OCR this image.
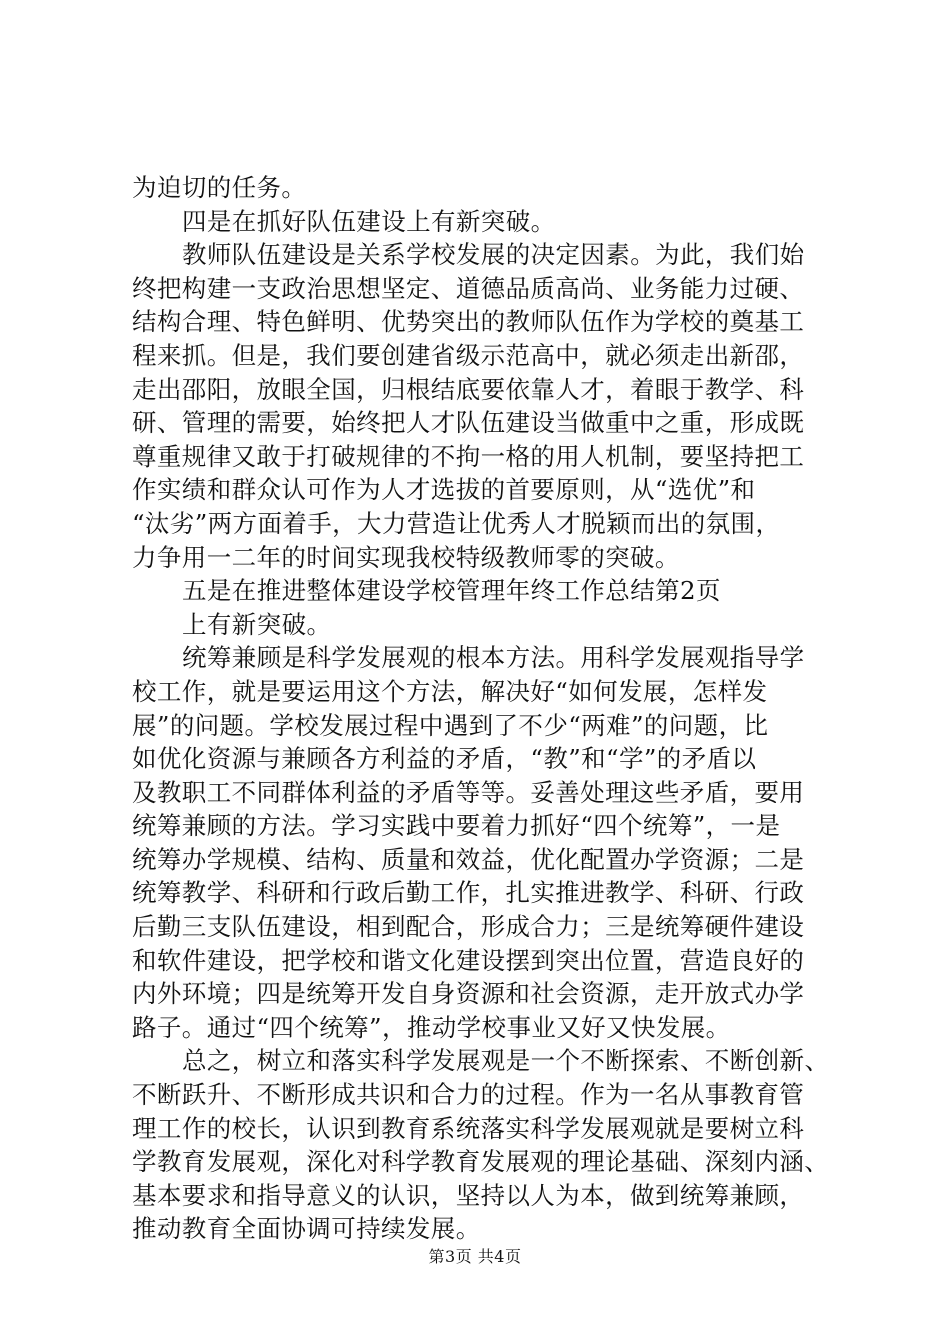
为迫切的任务。
四是在抓好队伍建设上有新突破。
教师队伍建设是关系学校发展的决定因素。为此，我们始
终把构建一支政治思想坚定、道德品质高尚、业务能力过硬、
结构合理、特色鲜明、优势突出的教师队伍作为学校的奠基工
程来抓。但是，我们要创建省级示范高中，就必须走出新邵，
走出邵阳，放眼全国，归根结底要依靠人才，着眼于教学、科
研、管理的需要，始终把人才队伍建设当做重中之重，形成既
尊重规律又敢于打破规律的不拘一格的用人机制，要坚持把工
作实绩和群众认可作为人才选拔的首要原则，从“选优”和
“汰劣”两方面着手，大力营造让优秀人才脱颖而出的氛围，
力争用一二年的时间实现我校特级教师零的突破。
五是在推进整体建设学校管理年终工作总结第2页
上有新突破。
统筹兼顾是科学发展观的根本方法。用科学发展观指导学
校工作，就是要运用这个方法，解决好“如何发展，怎样发
展”的问题。学校发展过程中遇到了不少“两难”的问题，比
如优化资源与兼顾各方利益的矛盾，“教”和“学”的矛盾以
及教职工不同群体利益的矛盾等等。妥善处理这些矛盾，要用
统筹兼顾的方法。学习实践中要着力抓好“四个统筹”，一是
统筹办学规模、结构、质量和效益，优化配置办学资源；二是
统筹教学、科研和行政后勤工作，扎实推进教学、科研、行政
后勤三支队伍建设，相到配合，形成合力；三是统筹硬件建设
和软件建设，把学校和谐文化建设摆到突出位置，营造良好的
内外环境；四是统筹开发自身资源和社会资源，走开放式办学
路子。通过“四个统筹”，推动学校事业又好又快发展。
总之，树立和落实科学发展观是一个不断探索、不断创新、
不断跃升、不断形成共识和合力的过程。作为一名从事教育管
理工作的校长，认识到教育系统落实科学发展观就是要树立科
学教育发展观，深化对科学教育发展观的理论基础、深刻内涵、
基本要求和指导意义的认识，坚持以人为本，做到统筹兼顾，
推动教育全面协调可持续发展。
第3页 共4页
